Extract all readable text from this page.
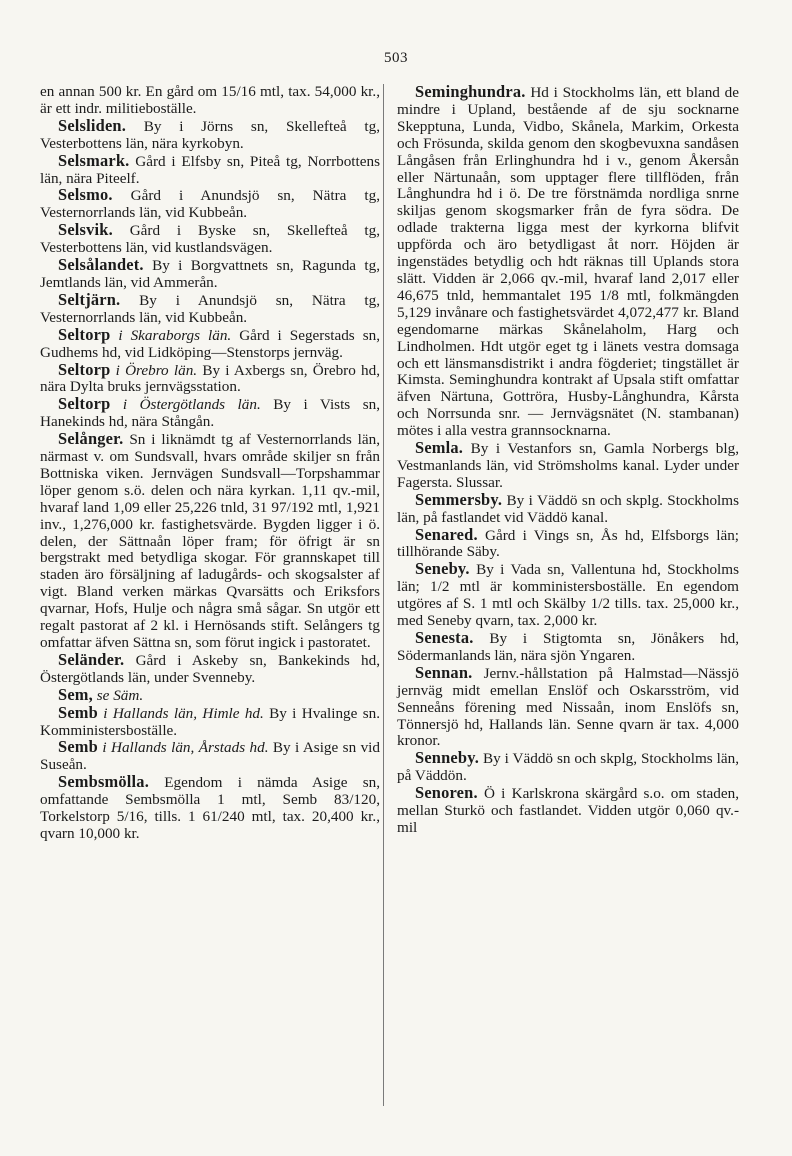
503

en annan 500 kr. En gård om 15/16 mtl, tax. 54,000 kr., är ett indr. militieboställe.

Selsliden. By i Jörns sn, Skellefteå tg, Vesterbottens län, nära kyrkobyn.

Selsmark. Gård i Elfsby sn, Piteå tg, Norrbottens län, nära Piteelf.

Selsmo. Gård i Anundsjö sn, Nätra tg, Vesternorrlands län, vid Kubbeån.

Selsvik. Gård i Byske sn, Skellefteå tg, Vesterbottens län, vid kustlandsvägen.

Selsålandet. By i Borgvattnets sn, Ragunda tg, Jemtlands län, vid Ammerån.

Seltjärn. By i Anundsjö sn, Nätra tg, Vesternorrlands län, vid Kubbeån.

Seltorp i Skaraborgs län. Gård i Segerstads sn, Gudhems hd, vid Lidköping—Stenstorps jernväg.

Seltorp i Örebro län. By i Axbergs sn, Örebro hd, nära Dylta bruks jernvägsstation.

Seltorp i Östergötlands län. By i Vists sn, Hanekinds hd, nära Stångån.

Selånger. Sn i liknämdt tg af Vesternorrlands län, närmast v. om Sundsvall, hvars område skiljer sn från Bottniska viken. Jernvägen Sundsvall—Torpshammar löper genom s.ö. delen och nära kyrkan. 1,11 qv.-mil, hvaraf land 1,09 eller 25,226 tnld, 31 97/192 mtl, 1,921 inv., 1,276,000 kr. fastighetsvärde. Bygden ligger i ö. delen, der Sättnaån löper fram; för öfrigt är sn bergstrakt med betydliga skogar. För grannskapet till staden äro försäljning af ladugårds- och skogsalster af vigt. Bland verken märkas Qvarsätts och Eriksfors qvarnar, Hofs, Hulje och några små sågar. Sn utgör ett regalt pastorat af 2 kl. i Hernösands stift. Selångers tg omfattar äfven Sättna sn, som förut ingick i pastoratet.

Seländer. Gård i Askeby sn, Bankekinds hd, Östergötlands län, under Svenneby.

Sem, se Säm.

Semb i Hallands län, Himle hd. By i Hvalinge sn. Komministersboställe.

Semb i Hallands län, Årstads hd. By i Asige sn vid Suseån.

Sembsmölla. Egendom i nämda Asige sn, omfattande Sembsmölla 1 mtl, Semb 83/120, Torkelstorp 5/16, tills. 1 61/240 mtl, tax. 20,400 kr., qvarn 10,000 kr.

Seminghundra. Hd i Stockholms län, ett bland de mindre i Upland, bestående af de sju socknarne Skepptuna, Lunda, Vidbo, Skånela, Markim, Orkesta och Frösunda, skilda genom den skogbevuxna sandåsen Långåsen från Erlinghundra hd i v., genom Åkersån eller Närtunaån, som upptager flere tillflöden, från Långhundra hd i ö. De tre förstnämda nordliga snrne skiljas genom skogsmarker från de fyra södra. De odlade trakterna ligga mest der kyrkorna blifvit uppförda och äro betydligast åt norr. Höjden är ingenstädes betydlig och hdt räknas till Uplands stora slätt. Vidden är 2,066 qv.-mil, hvaraf land 2,017 eller 46,675 tnld, hemmantalet 195 1/8 mtl, folkmängden 5,129 invånare och fastighetsvärdet 4,072,477 kr. Bland egendomarne märkas Skånelaholm, Harg och Lindholmen. Hdt utgör eget tg i länets vestra domsaga och ett länsmansdistrikt i andra fögderiet; tingstället är Kimsta. Seminghundra kontrakt af Upsala stift omfattar äfven Närtuna, Gottröra, Husby-Långhundra, Kårsta och Norrsunda snr. — Jernvägsnätet (N. stambanan) mötes i alla vestra grannsocknarna.

Semla. By i Vestanfors sn, Gamla Norbergs blg, Vestmanlands län, vid Strömsholms kanal. Lyder under Fagersta. Slussar.

Semmersby. By i Väddö sn och skplg. Stockholms län, på fastlandet vid Väddö kanal.

Senared. Gård i Vings sn, Ås hd, Elfsborgs län; tillhörande Säby.

Seneby. By i Vada sn, Vallentuna hd, Stockholms län; 1/2 mtl är komministersboställe. En egendom utgöres af S. 1 mtl och Skälby 1/2 tills. tax. 25,000 kr., med Seneby qvarn, tax. 2,000 kr.

Senesta. By i Stigtomta sn, Jönåkers hd, Södermanlands län, nära sjön Yngaren.

Sennan. Jernv.-hållstation på Halmstad—Nässjö jernväg midt emellan Enslöf och Oskarsström, vid Senneåns förening med Nissaån, inom Enslöfs sn, Tönnersjö hd, Hallands län. Senne qvarn är tax. 4,000 kronor.

Senneby. By i Väddö sn och skplg, Stockholms län, på Väddön.

Senoren. Ö i Karlskrona skärgård s.o. om staden, mellan Sturkö och fastlandet. Vidden utgör 0,060 qv.-mil
